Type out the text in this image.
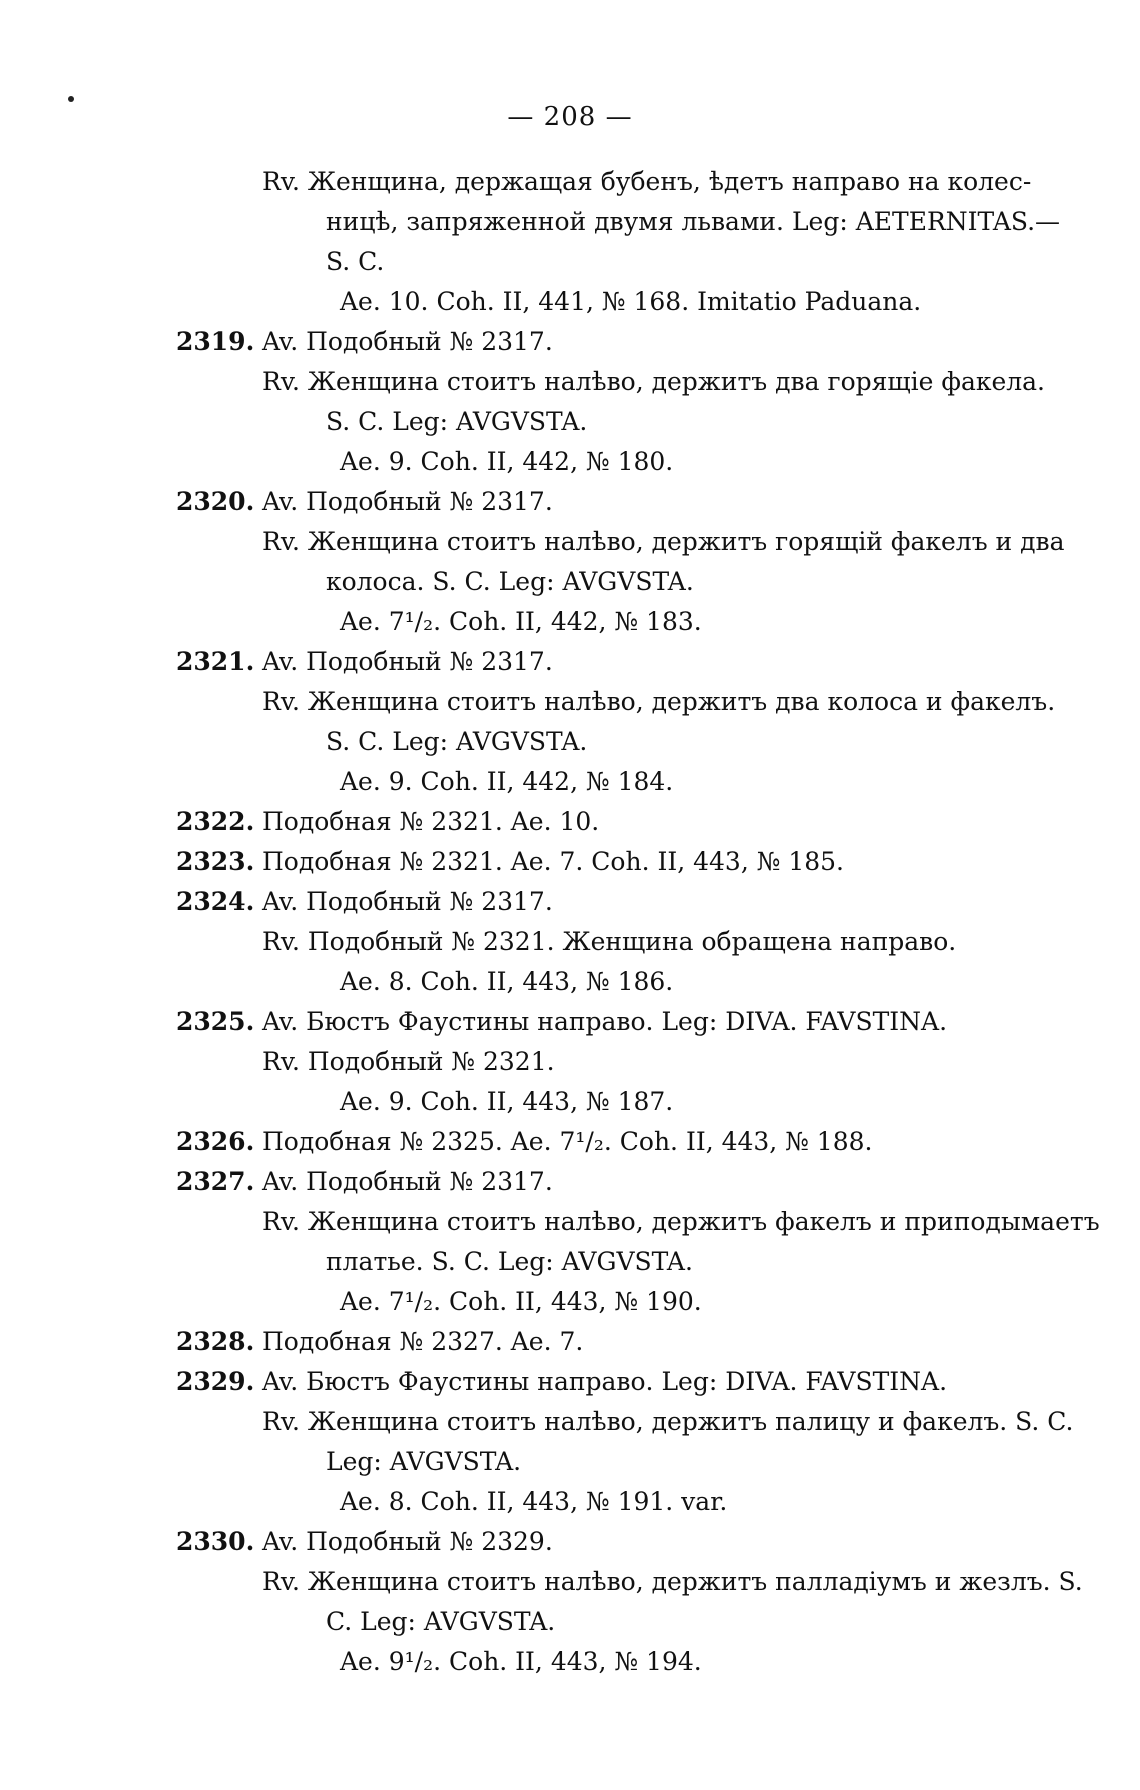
— 208 —
Rv. Женщина, держащая бубенъ, ѣдетъ направо на колес-
ницѣ, запряженной двумя львами. Leg: AETERNITAS.—
S. C.
Ae. 10. Coh. II, 441, № 168. Imitatio Paduana.
2319. Av. Подобный № 2317.
Rv. Женщина стоитъ налѣво, держитъ два горящіе факела.
S. C. Leg: AVGVSTA.
Ae. 9. Coh. II, 442, № 180.
2320. Av. Подобный № 2317.
Rv. Женщина стоитъ налѣво, держитъ горящій факелъ и два
колоса. S. C. Leg: AVGVSTA.
Ae. 7¹/₂. Coh. II, 442, № 183.
2321. Av. Подобный № 2317.
Rv. Женщина стоитъ налѣво, держитъ два колоса и факелъ.
S. C. Leg: AVGVSTA.
Ae. 9. Coh. II, 442, № 184.
2322. Подобная № 2321. Ae. 10.
2323. Подобная № 2321. Ae. 7. Coh. II, 443, № 185.
2324. Av. Подобный № 2317.
Rv. Подобный № 2321. Женщина обращена направо.
Ae. 8. Coh. II, 443, № 186.
2325. Av. Бюстъ Фаустины направо. Leg: DIVA. FAVSTINA.
Rv. Подобный № 2321.
Ae. 9. Coh. II, 443, № 187.
2326. Подобная № 2325. Ae. 7¹/₂. Coh. II, 443, № 188.
2327. Av. Подобный № 2317.
Rv. Женщина стоитъ налѣво, держитъ факелъ и приподымаетъ
платье. S. C. Leg: AVGVSTA.
Ae. 7¹/₂. Coh. II, 443, № 190.
2328. Подобная № 2327. Ae. 7.
2329. Av. Бюстъ Фаустины направо. Leg: DIVA. FAVSTINA.
Rv. Женщина стоитъ налѣво, держитъ палицу и факелъ. S. C.
Leg: AVGVSTA.
Ae. 8. Coh. II, 443, № 191. var.
2330. Av. Подобный № 2329.
Rv. Женщина стоитъ налѣво, держитъ палладіумъ и жезлъ. S.
C. Leg: AVGVSTA.
Ae. 9¹/₂. Coh. II, 443, № 194.
